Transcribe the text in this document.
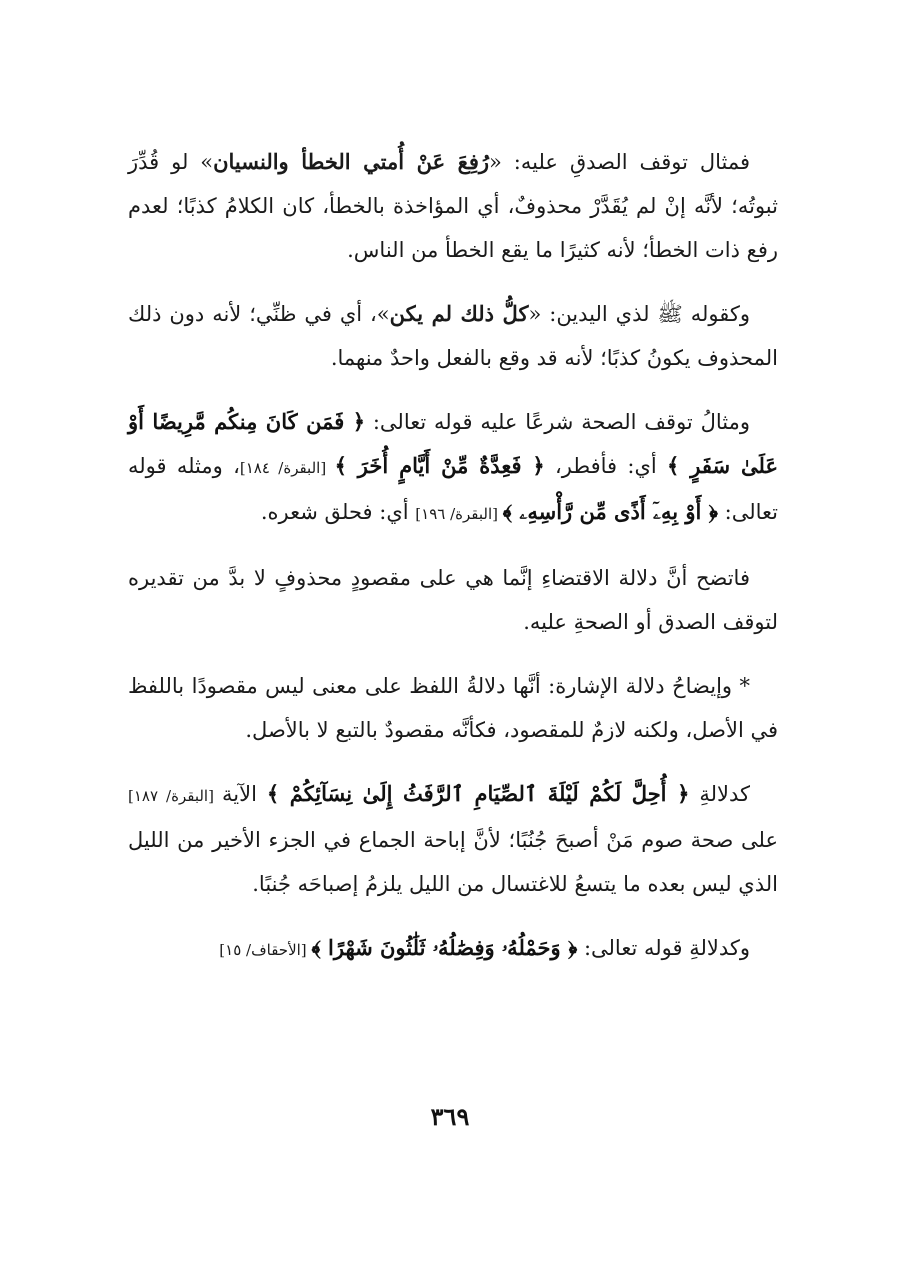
فمثال توقف الصدقِ عليه: «رُفِعَ عَنْ أُمتي الخطأ والنسيان» لو قُدِّرَ ثبوتُه؛ لأنَّه إنْ لم يُقَدَّرْ محذوفٌ، أي المؤاخذة بالخطأ، كان الكلامُ كذبًا؛ لعدم رفع ذات الخطأ؛ لأنه كثيرًا ما يقع الخطأ من الناس.

وكقوله ﷺ لذي اليدين: «كلُّ ذلك لم يكن»، أي في ظنِّي؛ لأنه دون ذلك المحذوف يكونُ كذبًا؛ لأنه قد وقع بالفعل واحدٌ منهما.

ومثالُ توقف الصحة شرعًا عليه قوله تعالى: ﴿ فَمَن كَانَ مِنكُم مَّرِيضًا أَوْ عَلَىٰ سَفَرٍ ﴾ أي: فأفطر، ﴿ فَعِدَّةٌ مِّنْ أَيَّامٍ أُخَرَ ﴾ [البقرة/ ١٨٤]، ومثله قوله تعالى: ﴿ أَوْ بِهِۦٓ أَذًى مِّن رَّأْسِهِۦ ﴾ [البقرة/ ١٩٦] أي: فحلق شعره.

فاتضح أنَّ دلالة الاقتضاءِ إنَّما هي على مقصودٍ محذوفٍ لا بدَّ من تقديره لتوقف الصدق أو الصحةِ عليه.

* وإيضاحُ دلالة الإشارة: أنَّها دلالةُ اللفظ على معنى ليس مقصودًا باللفظ في الأصل، ولكنه لازمٌ للمقصود، فكأنَّه مقصودٌ بالتبع لا بالأصل.

كدلالةِ ﴿ أُحِلَّ لَكُمْ لَيْلَةَ ٱلصِّيَامِ ٱلرَّفَثُ إِلَىٰ نِسَآئِكُمْ ﴾ الآية [البقرة/ ١٨٧] على صحة صوم مَنْ أصبحَ جُنُبًا؛ لأنَّ إباحة الجماع في الجزء الأخير من الليل الذي ليس بعده ما يتسعُ للاغتسال من الليل يلزمُ إصباحَه جُنبًا.

وكدلالةِ قوله تعالى: ﴿ وَحَمْلُهُۥ وَفِصَٰلُهُۥ ثَلَٰثُونَ شَهْرًا ﴾ [الأحقاف/ ١٥]

٣٦٩
